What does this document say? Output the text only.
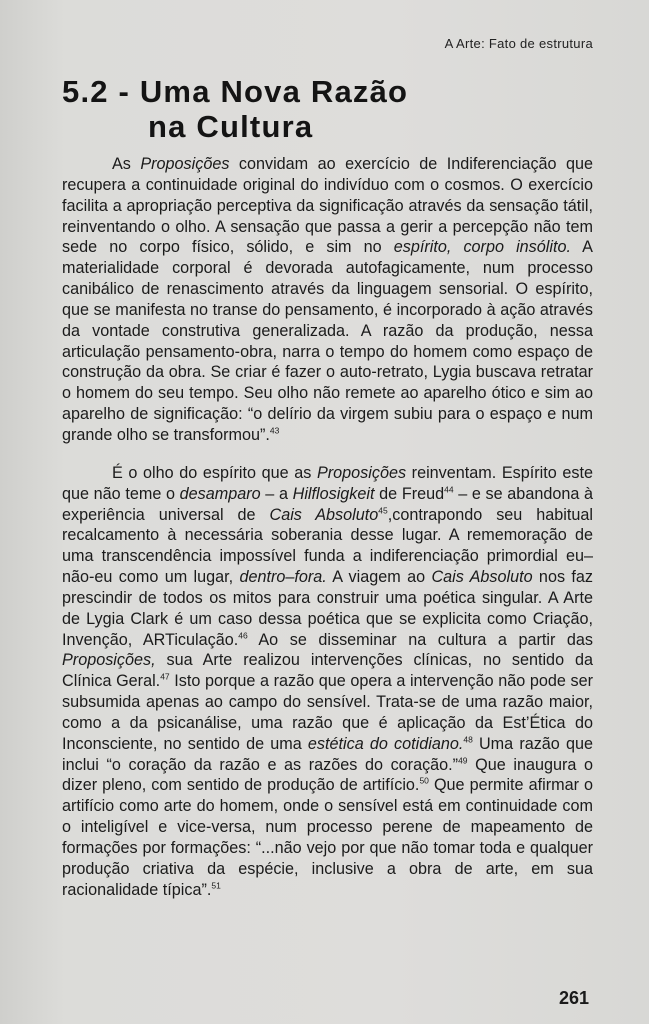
A Arte: Fato de estrutura
5.2 - Uma Nova Razão
na Cultura

As Proposições convidam ao exercício de Indiferenciação que recupera a continuidade original do indivíduo com o cosmos. O exercício facilita a apropriação perceptiva da significação através da sensação tátil, reinventando o olho. A sensação que passa a gerir a percepção não tem sede no corpo físico, sólido, e sim no espírito, corpo insólito. A materialidade corporal é devorada autofagicamente, num processo canibálico de renascimento através da linguagem sensorial. O espírito, que se manifesta no transe do pensamento, é incorporado à ação através da vontade construtiva generalizada. A razão da produção, nessa articulação pensamento-obra, narra o tempo do homem como espaço de construção da obra. Se criar é fazer o auto-retrato, Lygia buscava retratar o homem do seu tempo. Seu olho não remete ao aparelho ótico e sim ao aparelho de significação: “o delírio da virgem subiu para o espaço e num grande olho se transformou”.$^{43}$

É o olho do espírito que as Proposições reinventam. Espírito este que não teme o desamparo – a Hilflosigkeit de Freud$^{44}$ – e se abandona à experiência universal de Cais Absoluto$^{45}$,contrapondo seu habitual recalcamento à necessária soberania desse lugar. A rememoração de uma transcendência impossível funda a indiferenciação primordial eu–não-eu como um lugar, dentro–fora. A viagem ao Cais Absoluto nos faz prescindir de todos os mitos para construir uma poética singular. A Arte de Lygia Clark é um caso dessa poética que se explicita como Criação, Invenção, ARTiculação.$^{46}$ Ao se disseminar na cultura a partir das Proposições, sua Arte realizou intervenções clínicas, no sentido da Clínica Geral.$^{47}$ Isto porque a razão que opera a intervenção não pode ser subsumida apenas ao campo do sensível. Trata-se de uma razão maior, como a da psicanálise, uma razão que é aplicação da Est’Ética do Inconsciente, no sentido de uma estética do cotidiano.$^{48}$ Uma razão que inclui “o coração da razão e as razões do coração.”$^{49}$ Que inaugura o dizer pleno, com sentido de produção de artifício.$^{50}$ Que permite afirmar o artifício como arte do homem, onde o sensível está em continuidade com o inteligível e vice-versa, num processo perene de mapeamento de formações por formações: “...não vejo por que não tomar toda e qualquer produção criativa da espécie, inclusive a obra de arte, em sua racionalidade típica”.$^{51}$

261
